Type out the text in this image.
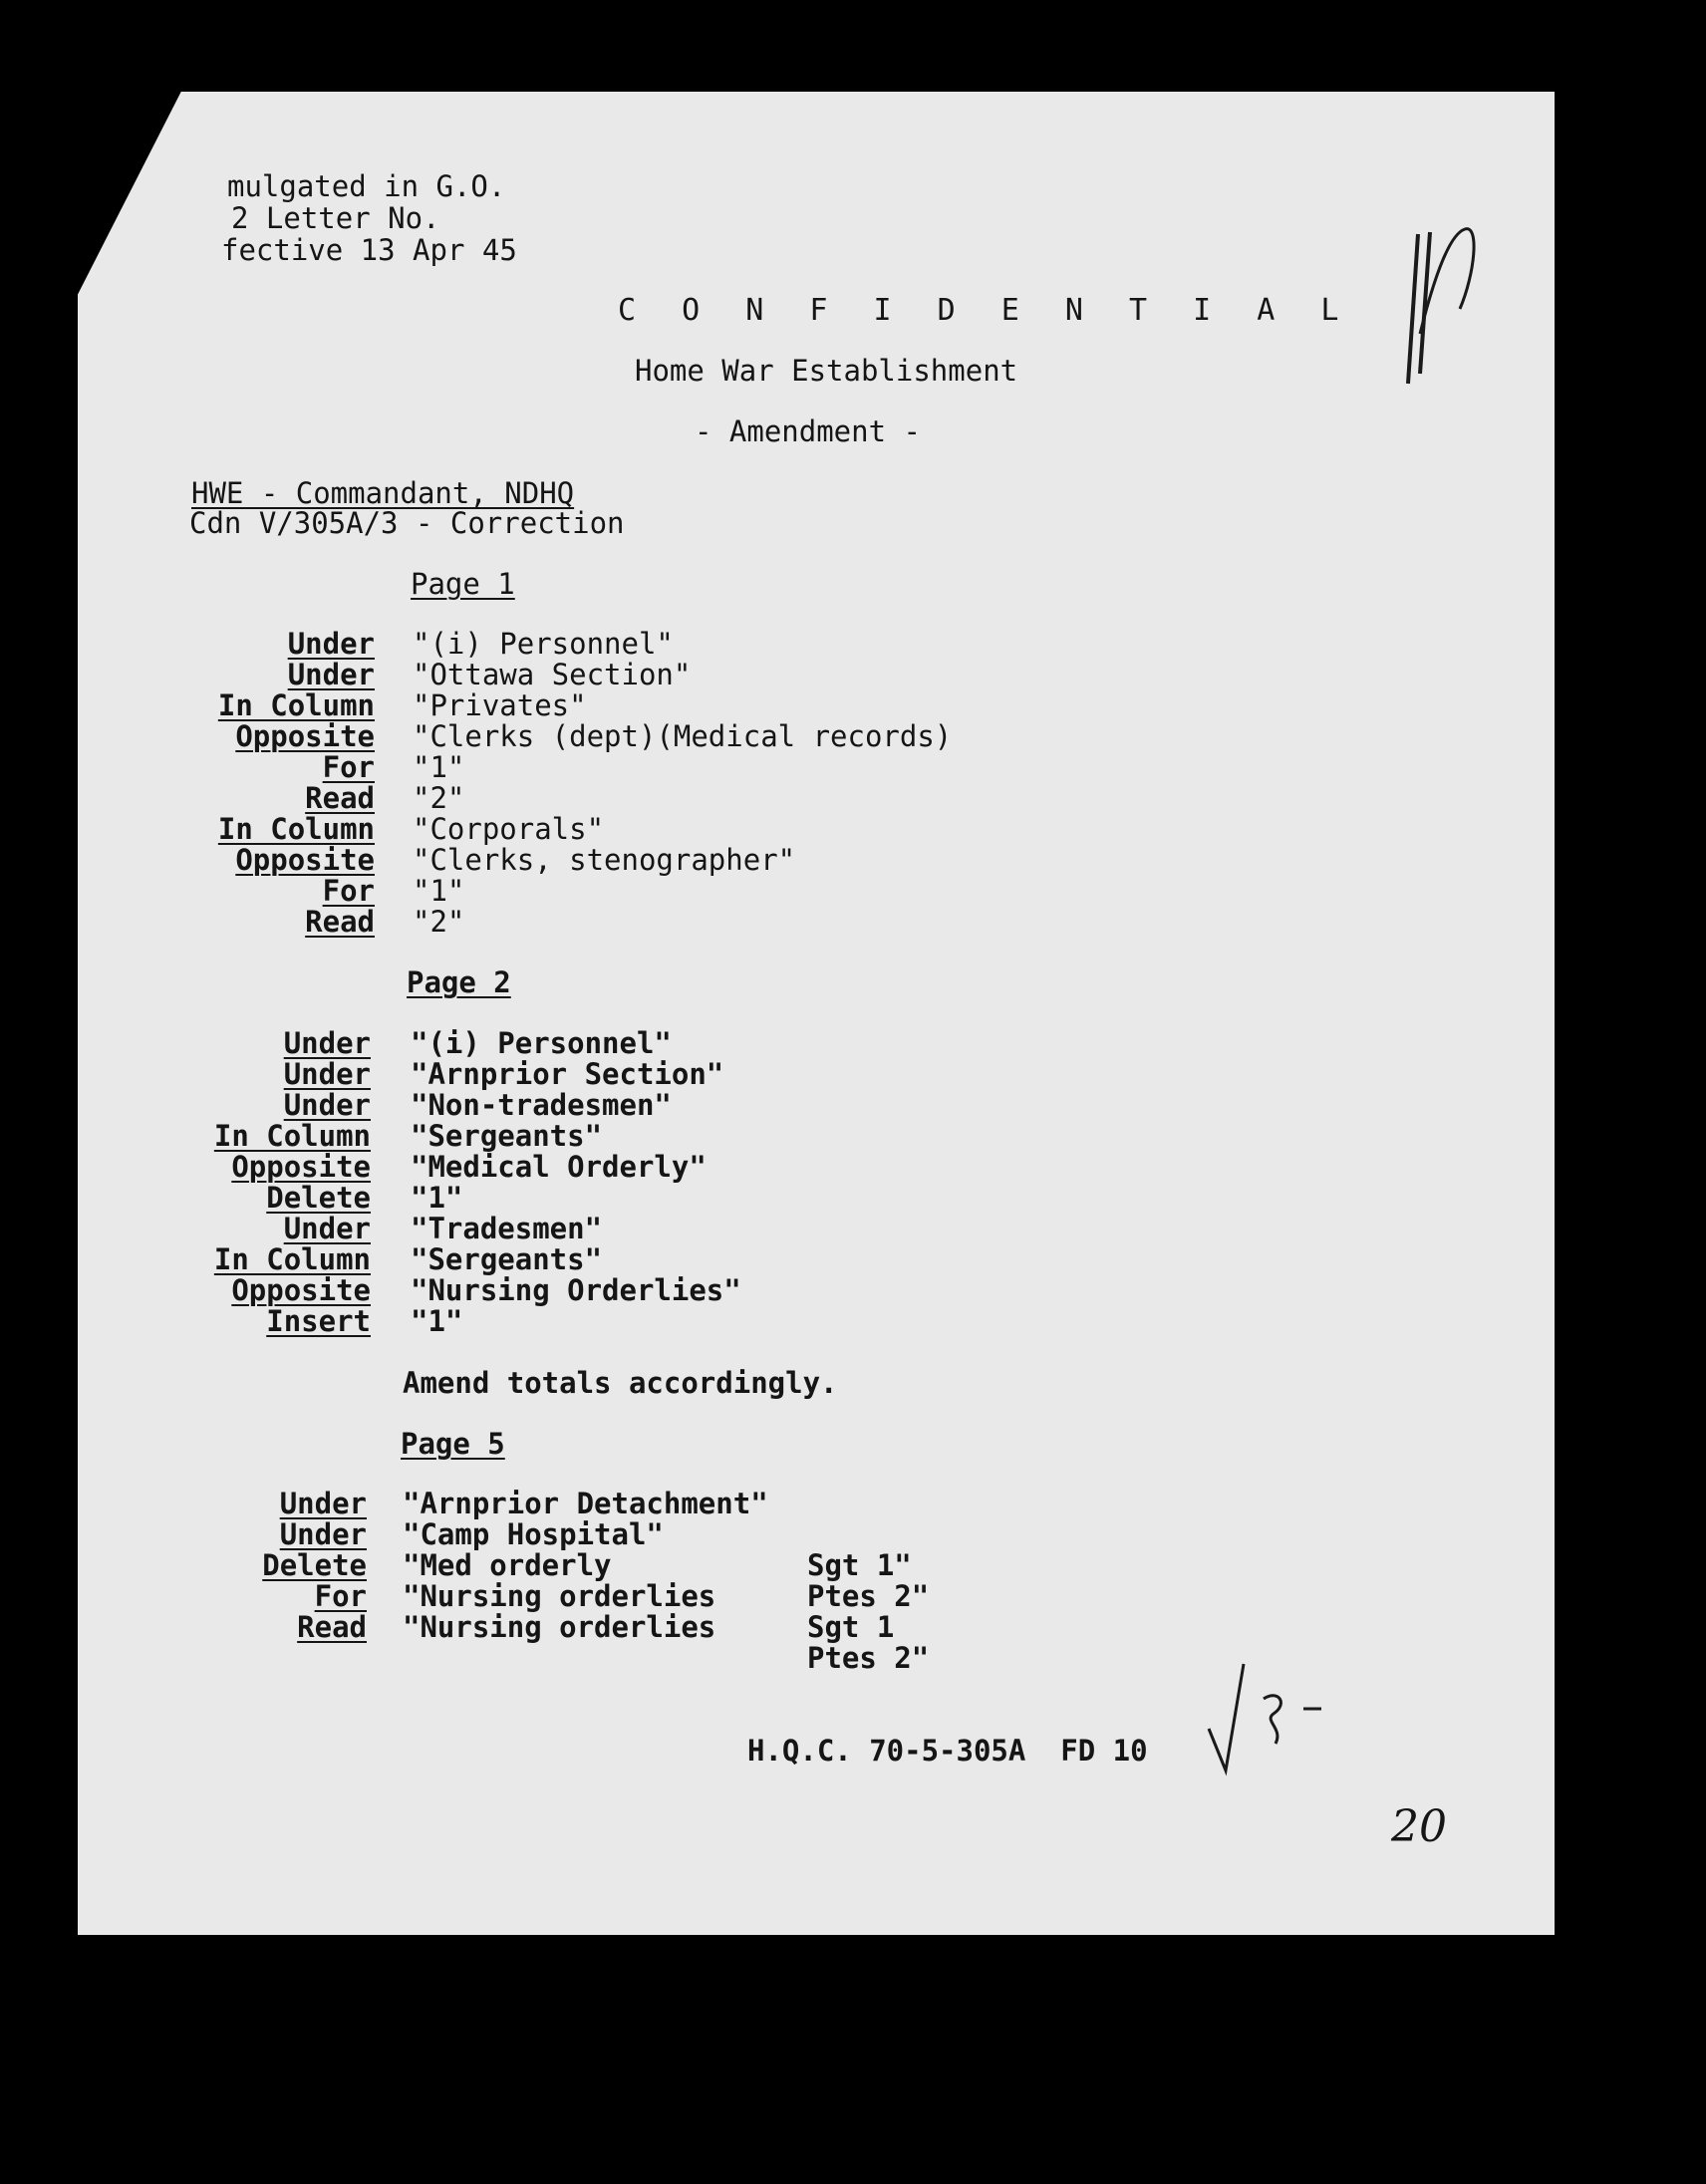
mulgated in G.O.
2 Letter No.
fective 13 Apr 45
C O N F I D E N T I A L
Home War Establishment
- Amendment -
HWE - Commandant, NDHQ
Cdn V/305A/3 - Correction
Page 1
Under "(i) Personnel"
Under "Ottawa Section"
In Column "Privates"
Opposite "Clerks (dept)(Medical records)
For "1"
Read "2"
In Column "Corporals"
Opposite "Clerks, stenographer"
For "1"
Read "2"
Page 2
Under "(i) Personnel"
Under "Arnprior Section"
Under "Non-tradesmen"
In Column "Sergeants"
Opposite "Medical Orderly"
Delete "1"
Under "Tradesmen"
In Column "Sergeants"
Opposite "Nursing Orderlies"
Insert "1"
Amend totals accordingly.
Page 5
Under "Arnprior Detachment"
Under "Camp Hospital"
Delete "Med orderly	Sgt 1"
For "Nursing orderlies	Ptes 2"
Read "Nursing orderlies	Sgt 1
Ptes 2"
H.Q.C. 70-5-305A  FD 10
20
